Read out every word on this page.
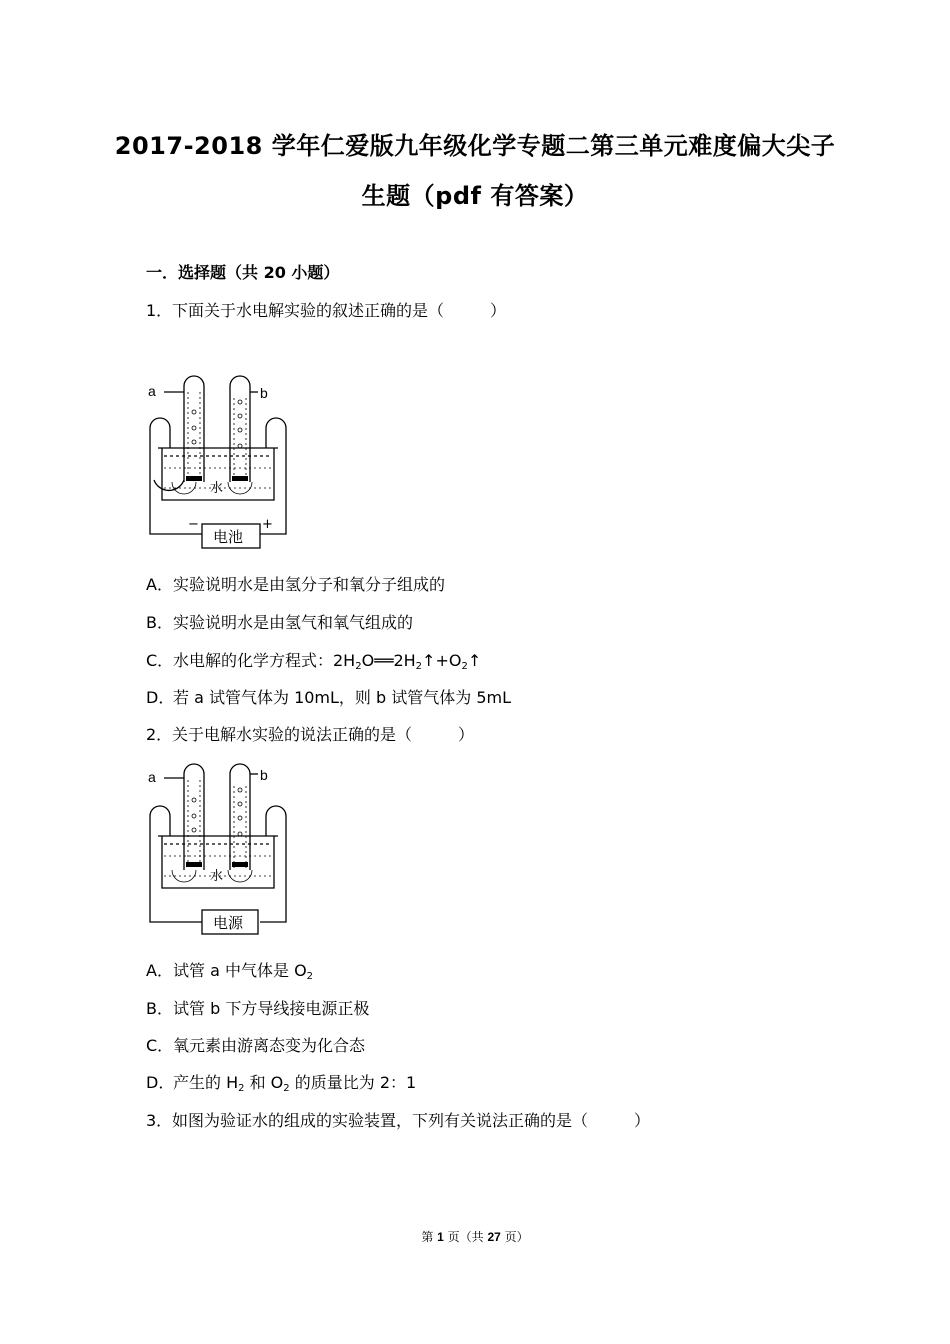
2017-2018 学年仁爱版九年级化学专题二第三单元难度偏大尖子
生题（pdf 有答案）
一．选择题（共 20 小题）
1．下面关于水电解实验的叙述正确的是（	）
a	b
水
−	+
电池
A．实验说明水是由氢分子和氧分子组成的
B．实验说明水是由氢气和氧气组成的
C．水电解的化学方程式：$2H_2O══2H_2↑+O_2↑$
D．若 a 试管气体为 10mL，则 b 试管气体为 5mL
2．关于电解水实验的说法正确的是（	）
a	b
水
电源
A．试管 a 中气体是 $O_2$
B．试管 b 下方导线接电源正极
C．氧元素由游离态变为化合态
D．产生的 $H_2$ 和 $O_2$ 的质量比为 2：1
3．如图为验证水的组成的实验装置，下列有关说法正确的是（	）
第 1 页（共 27 页）
